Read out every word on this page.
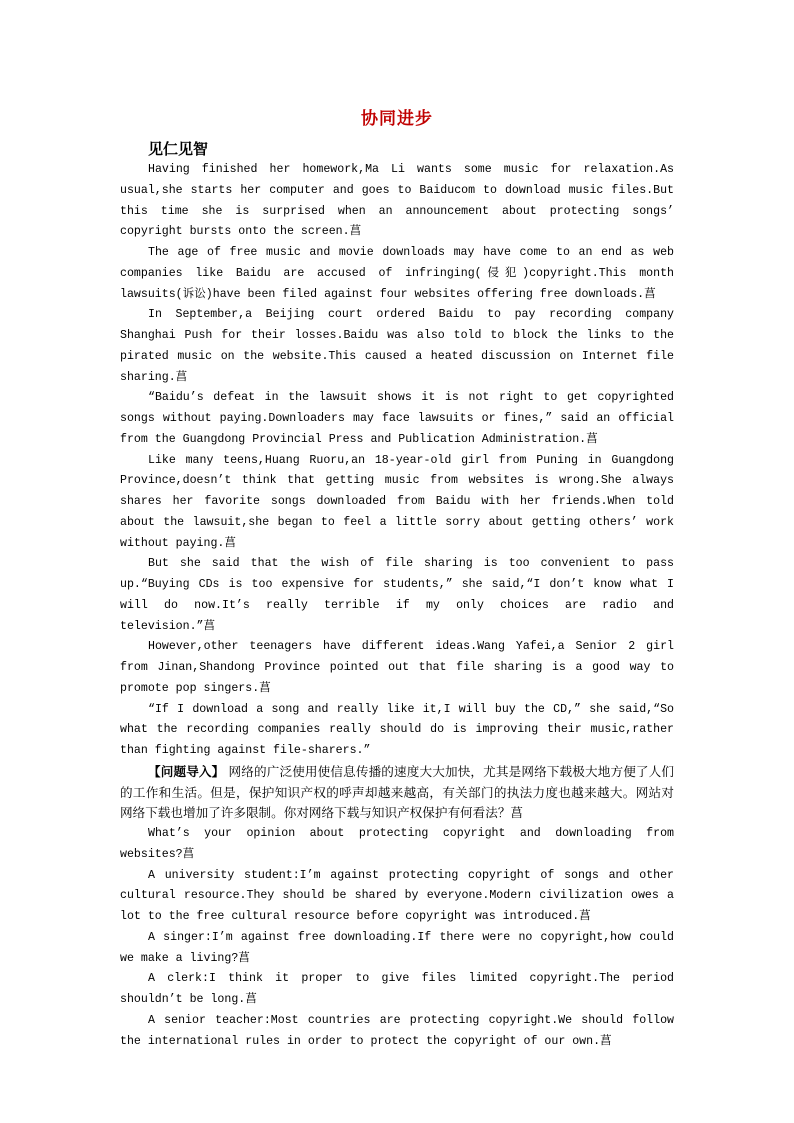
协同进步
见仁见智

Having finished her homework,Ma Li wants some music for relaxation.As usual,she starts her computer and goes to Baiducom to download music files.But this time she is surprised when an announcement about protecting songs’ copyright bursts onto the screen.菖

The age of free music and movie downloads may have come to an end as web companies like Baidu are accused of infringing(侵犯)copyright.This month lawsuits(诉讼)have been filed against four websites offering free downloads.菖

In September,a Beijing court ordered Baidu to pay recording company Shanghai Push for their losses.Baidu was also told to block the links to the pirated music on the website.This caused a heated discussion on Internet file sharing.菖

“Baidu’s defeat in the lawsuit shows it is not right to get copyrighted songs without paying.Downloaders may face lawsuits or fines,” said an official from the Guangdong Provincial Press and Publication Administration.菖

Like many teens,Huang Ruoru,an 18-year-old girl from Puning in Guangdong Province,doesn’t think that getting music from websites is wrong.She always shares her favorite songs downloaded from Baidu with her friends.When told about the lawsuit,she began to feel a little sorry about getting others’ work without paying.菖

But she said that the wish of file sharing is too convenient to pass up.“Buying CDs is too expensive for students,” she said,“I don’t know what I will do now.It’s really terrible if my only choices are radio and television.”菖

However,other teenagers have different ideas.Wang Yafei,a Senior 2 girl from Jinan,Shandong Province pointed out that file sharing is a good way to promote pop singers.菖

“If I download a song and really like it,I will buy the CD,” she said,“So what the recording companies really should do is improving their music,rather than fighting against file-sharers.”

【问题导入】 网络的广泛使用使信息传播的速度大大加快，尤其是网络下载极大地方便了人们的工作和生活。但是，保护知识产权的呼声却越来越高，有关部门的执法力度也越来越大。网站对网络下载也增加了许多限制。你对网络下载与知识产权保护有何看法？菖

What’s your opinion about protecting copyright and downloading from websites?菖

A university student:I’m against protecting copyright of songs and other cultural resource.They should be shared by everyone.Modern civilization owes a lot to the free cultural resource before copyright was introduced.菖

A singer:I’m against free downloading.If there were no copyright,how could we make a living?菖

A clerk:I think it proper to give files limited copyright.The period shouldn’t be long.菖

A senior teacher:Most countries are protecting copyright.We should follow the international rules in order to protect the copyright of our own.菖
